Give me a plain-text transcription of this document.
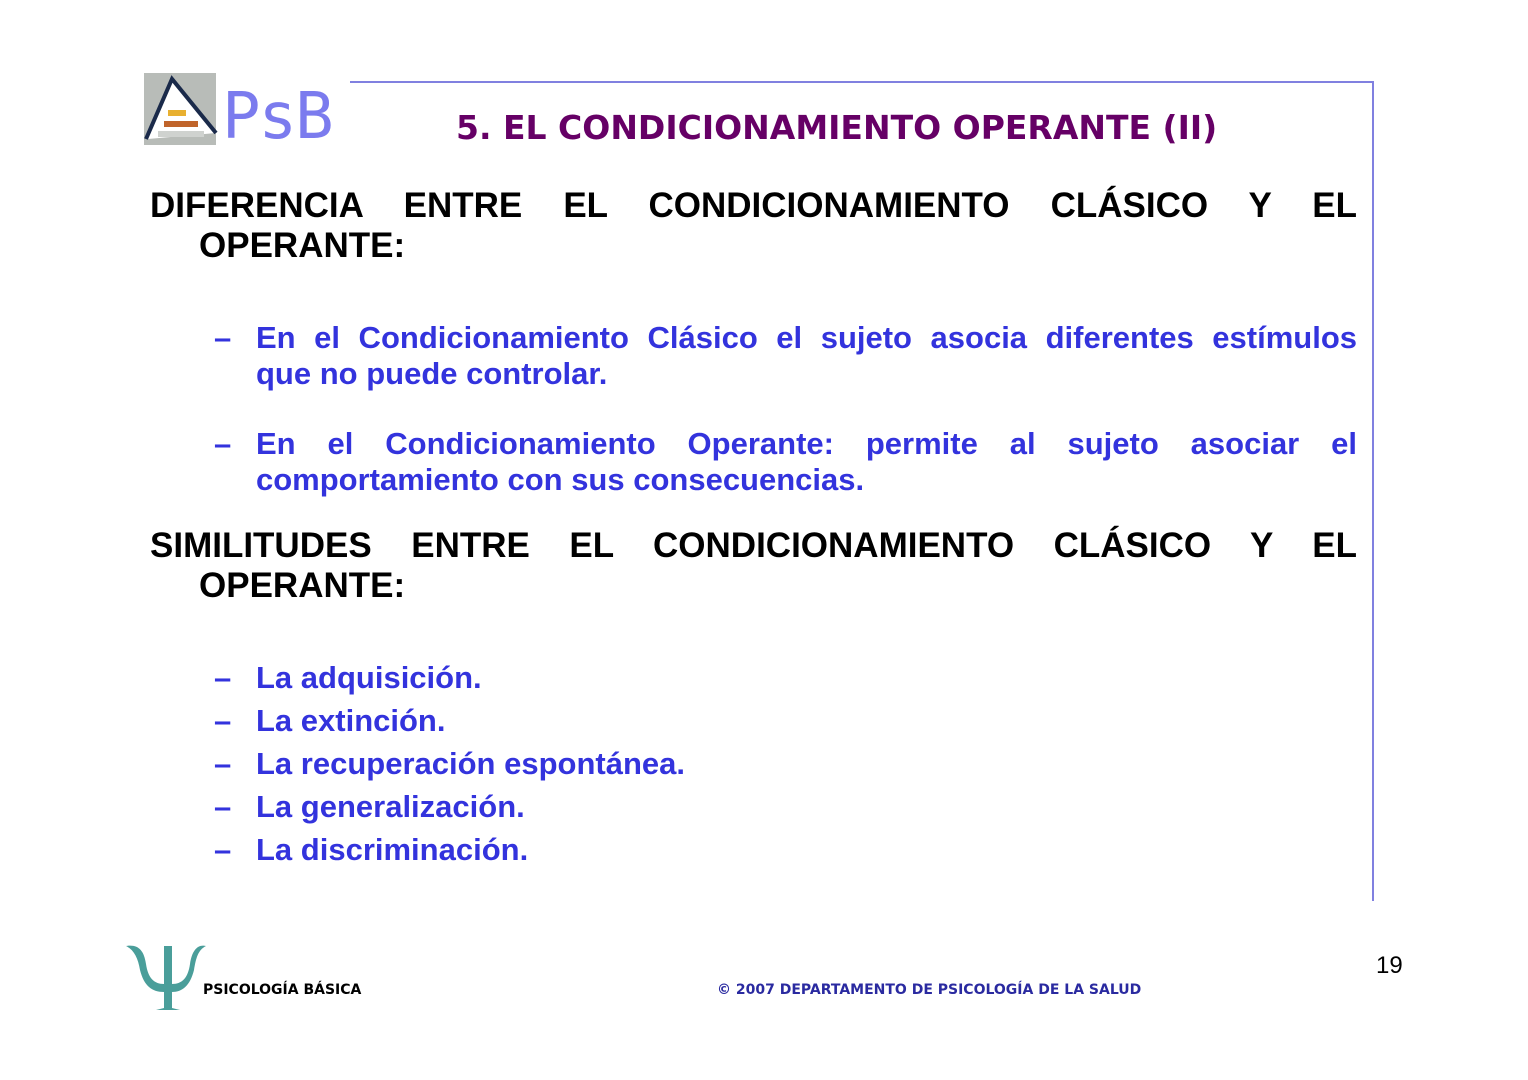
PsB	5. EL CONDICIONAMIENTO OPERANTE (II)
DIFERENCIA ENTRE EL CONDICIONAMIENTO CLÁSICO Y EL
OPERANTE:
– En el Condicionamiento Clásico el sujeto asocia diferentes estímulos
que no puede controlar.
– En el Condicionamiento Operante: permite al sujeto asociar el
comportamiento con sus consecuencias.
SIMILITUDES ENTRE EL CONDICIONAMIENTO CLÁSICO Y EL
OPERANTE:
– La adquisición.
– La extinción.
– La recuperación espontánea.
– La generalización.
– La discriminación.
PSICOLOGÍA BÁSICA	© 2007 DEPARTAMENTO DE PSICOLOGÍA DE LA SALUD
19
